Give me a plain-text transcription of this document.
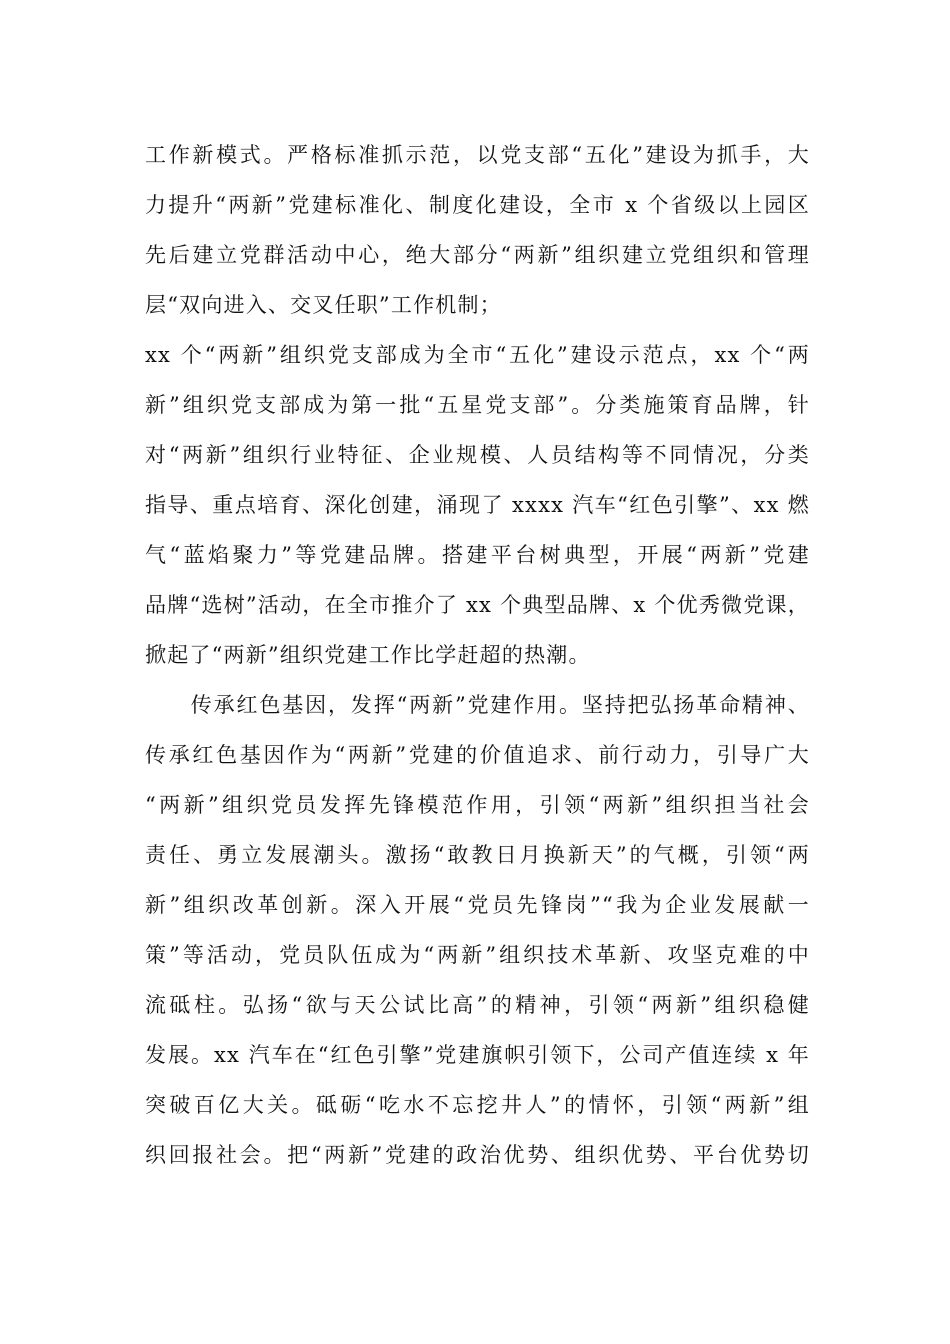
工作新模式。严格标准抓示范，以党支部“五化”建设为抓手，大
力提升“两新”党建标准化、制度化建设，全市 x 个省级以上园区
先后建立党群活动中心，绝大部分“两新”组织建立党组织和管理
层“双向进入、交叉任职”工作机制；
xx 个“两新”组织党支部成为全市“五化”建设示范点，xx 个“两
新”组织党支部成为第一批“五星党支部”。分类施策育品牌，针
对“两新”组织行业特征、企业规模、人员结构等不同情况，分类
指导、重点培育、深化创建，涌现了 xxxx 汽车“红色引擎”、xx 燃
气“蓝焰聚力”等党建品牌。搭建平台树典型，开展“两新”党建
品牌“选树”活动，在全市推介了 xx 个典型品牌、x 个优秀微党课，
掀起了“两新”组织党建工作比学赶超的热潮。
　　传承红色基因，发挥“两新”党建作用。坚持把弘扬革命精神、
传承红色基因作为“两新”党建的价值追求、前行动力，引导广大
“两新”组织党员发挥先锋模范作用，引领“两新”组织担当社会
责任、勇立发展潮头。激扬“敢教日月换新天”的气概，引领“两
新”组织改革创新。深入开展“党员先锋岗”“我为企业发展献一
策”等活动，党员队伍成为“两新”组织技术革新、攻坚克难的中
流砥柱。弘扬“欲与天公试比高”的精神，引领“两新”组织稳健
发展。xx 汽车在“红色引擎”党建旗帜引领下，公司产值连续 x 年
突破百亿大关。砥砺“吃水不忘挖井人”的情怀，引领“两新”组
织回报社会。把“两新”党建的政治优势、组织优势、平台优势切
